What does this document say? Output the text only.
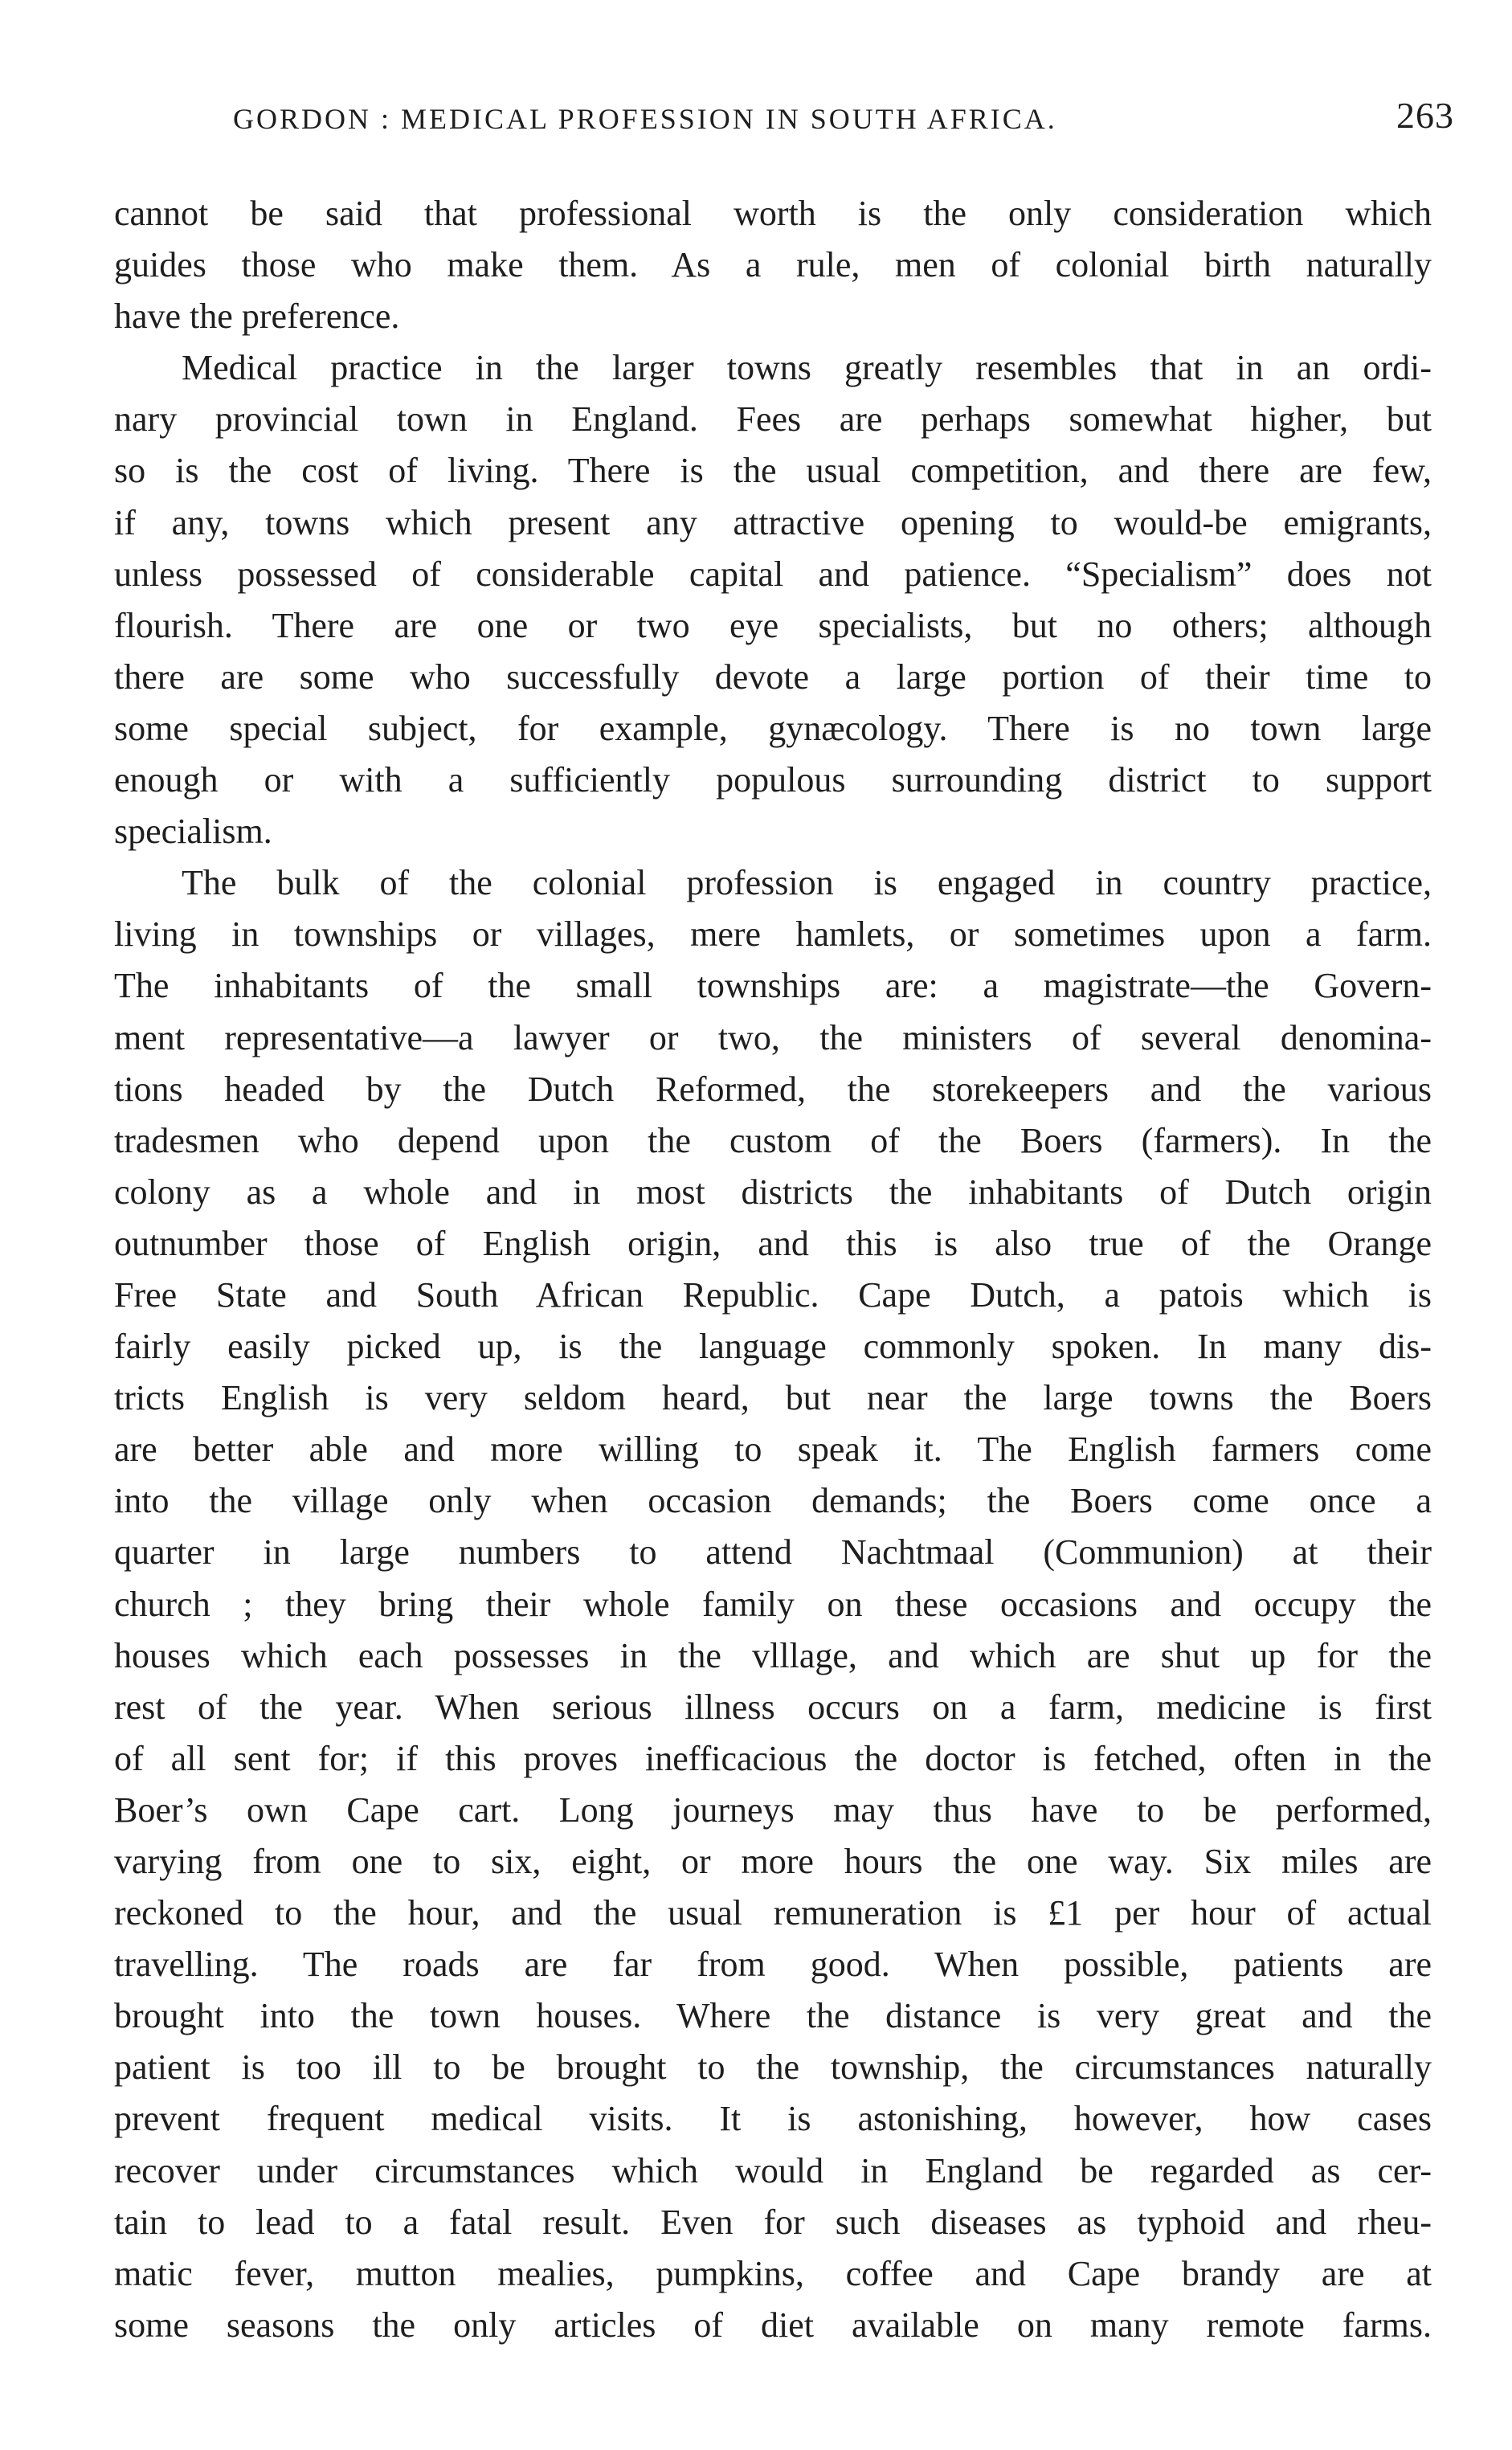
GORDON : MEDICAL PROFESSION IN SOUTH AFRICA.	263
cannot be said that professional worth is the only consideration which
guides those who make them. As a rule, men of colonial birth naturally
have the preference.
Medical practice in the larger towns greatly resembles that in an ordi-
nary provincial town in England. Fees are perhaps somewhat higher, but
so is the cost of living. There is the usual competition, and there are few,
if any, towns which present any attractive opening to would-be emigrants,
unless possessed of considerable capital and patience. “Specialism” does not
flourish. There are one or two eye specialists, but no others; although
there are some who successfully devote a large portion of their time to
some special subject, for example, gynæcology. There is no town large
enough or with a sufficiently populous surrounding district to support
specialism.
The bulk of the colonial profession is engaged in country practice,
living in townships or villages, mere hamlets, or sometimes upon a farm.
The inhabitants of the small townships are: a magistrate—the Govern-
ment representative—a lawyer or two, the ministers of several denomina-
tions headed by the Dutch Reformed, the storekeepers and the various
tradesmen who depend upon the custom of the Boers (farmers). In the
colony as a whole and in most districts the inhabitants of Dutch origin
outnumber those of English origin, and this is also true of the Orange
Free State and South African Republic. Cape Dutch, a patois which is
fairly easily picked up, is the language commonly spoken. In many dis-
tricts English is very seldom heard, but near the large towns the Boers
are better able and more willing to speak it. The English farmers come
into the village only when occasion demands; the Boers come once a
quarter in large numbers to attend Nachtmaal (Communion) at their
church ; they bring their whole family on these occasions and occupy the
houses which each possesses in the vlllage, and which are shut up for the
rest of the year. When serious illness occurs on a farm, medicine is first
of all sent for; if this proves inefficacious the doctor is fetched, often in the
Boer’s own Cape cart. Long journeys may thus have to be performed,
varying from one to six, eight, or more hours the one way. Six miles are
reckoned to the hour, and the usual remuneration is £1 per hour of actual
travelling. The roads are far from good. When possible, patients are
brought into the town houses. Where the distance is very great and the
patient is too ill to be brought to the township, the circumstances naturally
prevent frequent medical visits. It is astonishing, however, how cases
recover under circumstances which would in England be regarded as cer-
tain to lead to a fatal result. Even for such diseases as typhoid and rheu-
matic fever, mutton mealies, pumpkins, coffee and Cape brandy are at
some seasons the only articles of diet available on many remote farms.
